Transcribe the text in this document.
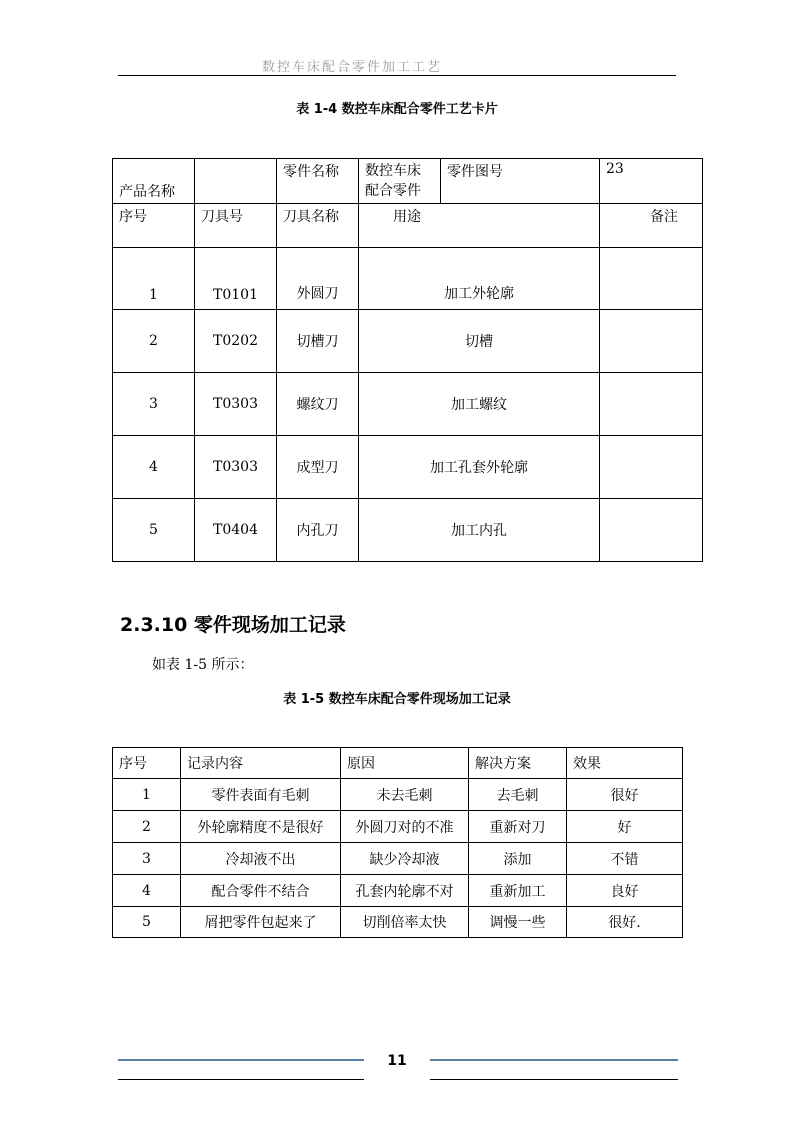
数控车床配合零件加工工艺
表 1-4 数控车床配合零件工艺卡片
产品名称		零件名称	数控车床配合零件	零件图号	23
序号	刀具号	刀具名称	用途		备注
1	T0101	外圆刀	加工外轮廓		
2	T0202	切槽刀	切槽		
3	T0303	螺纹刀	加工螺纹		
4	T0303	成型刀	加工孔套外轮廓		
5	T0404	内孔刀	加工内孔		
2.3.10 零件现场加工记录
如表 1-5 所示：
表 1-5 数控车床配合零件现场加工记录
序号	记录内容	原因	解决方案	效果
1	零件表面有毛刺	未去毛刺	去毛刺	很好
2	外轮廓精度不是很好	外圆刀对的不准	重新对刀	好
3	冷却液不出	缺少冷却液	添加	不错
4	配合零件不结合	孔套内轮廓不对	重新加工	良好
5	屑把零件包起来了	切削倍率太快	调慢一些	很好.
11
